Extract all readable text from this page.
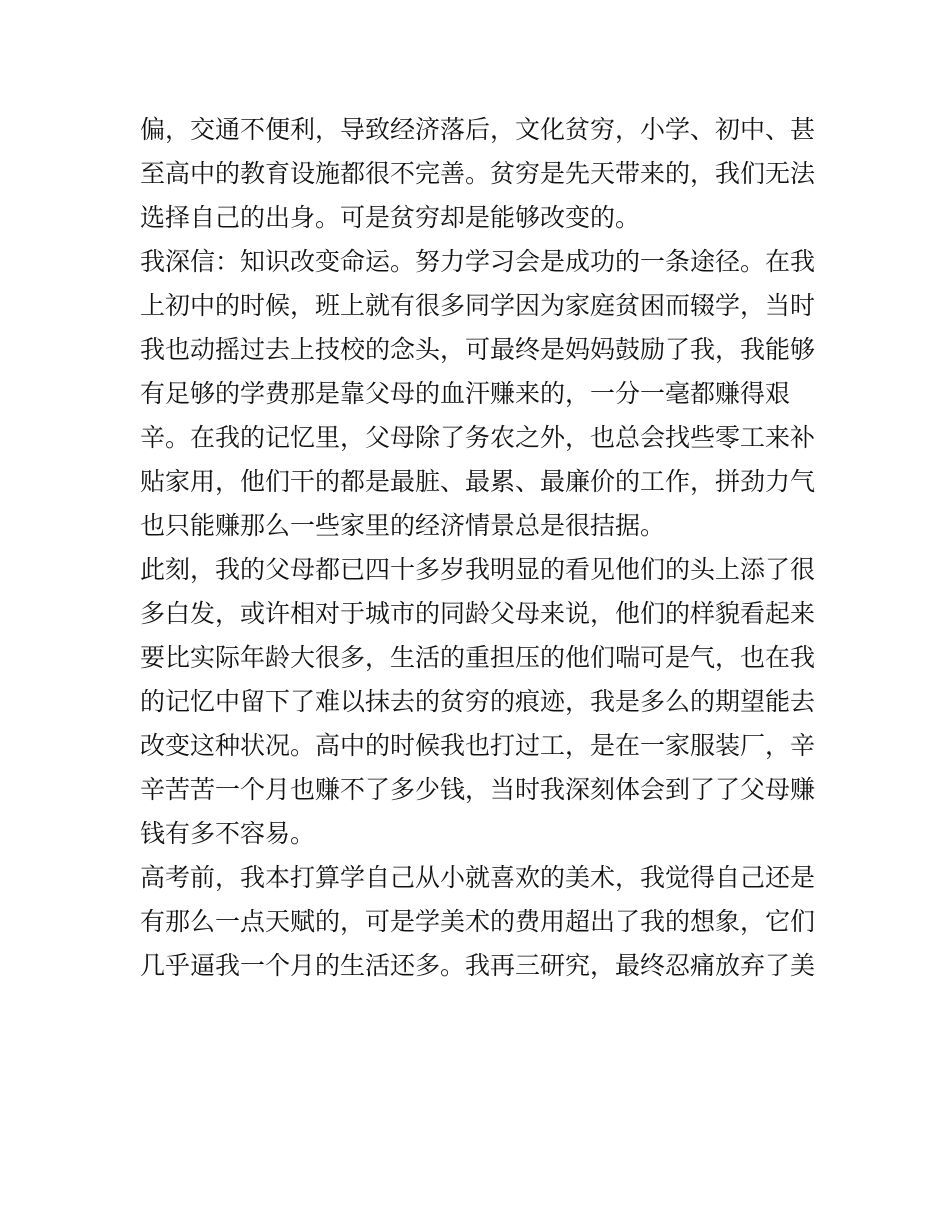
偏，交通不便利，导致经济落后，文化贫穷，小学、初中、甚
至高中的教育设施都很不完善。贫穷是先天带来的，我们无法
选择自己的出身。可是贫穷却是能够改变的。
我深信：知识改变命运。努力学习会是成功的一条途径。在我
上初中的时候，班上就有很多同学因为家庭贫困而辍学，当时
我也动摇过去上技校的念头，可最终是妈妈鼓励了我，我能够
有足够的学费那是靠父母的血汗赚来的，一分一毫都赚得艰
辛。在我的记忆里，父母除了务农之外，也总会找些零工来补
贴家用，他们干的都是最脏、最累、最廉价的工作，拼劲力气
也只能赚那么一些家里的经济情景总是很拮据。
此刻，我的父母都已四十多岁我明显的看见他们的头上添了很
多白发，或许相对于城市的同龄父母来说，他们的样貌看起来
要比实际年龄大很多，生活的重担压的他们喘可是气，也在我
的记忆中留下了难以抹去的贫穷的痕迹，我是多么的期望能去
改变这种状况。高中的时候我也打过工，是在一家服装厂，辛
辛苦苦一个月也赚不了多少钱，当时我深刻体会到了了父母赚
钱有多不容易。
高考前，我本打算学自己从小就喜欢的美术，我觉得自己还是
有那么一点天赋的，可是学美术的费用超出了我的想象，它们
几乎逼我一个月的生活还多。我再三研究，最终忍痛放弃了美
